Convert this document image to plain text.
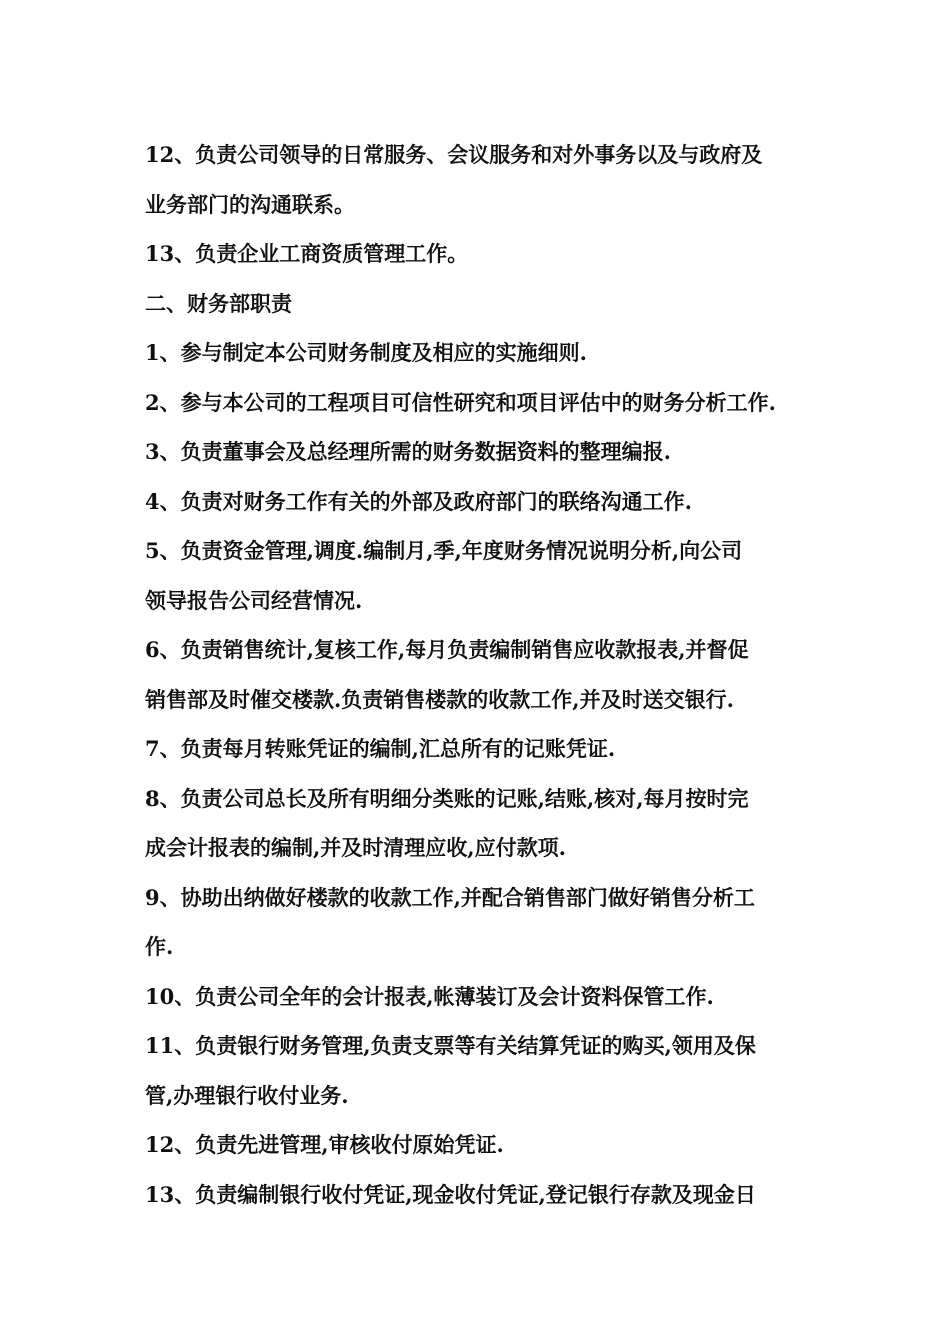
12、负责公司领导的日常服务、会议服务和对外事务以及与政府及
业务部门的沟通联系。
13、负责企业工商资质管理工作。
二、财务部职责
1、参与制定本公司财务制度及相应的实施细则.
2、参与本公司的工程项目可信性研究和项目评估中的财务分析工作.
3、负责董事会及总经理所需的财务数据资料的整理编报.
4、负责对财务工作有关的外部及政府部门的联络沟通工作.
5、负责资金管理,调度.编制月,季,年度财务情况说明分析,向公司
领导报告公司经营情况.
6、负责销售统计,复核工作,每月负责编制销售应收款报表,并督促
销售部及时催交楼款.负责销售楼款的收款工作,并及时送交银行.
7、负责每月转账凭证的编制,汇总所有的记账凭证.
8、负责公司总长及所有明细分类账的记账,结账,核对,每月按时完
成会计报表的编制,并及时清理应收,应付款项.
9、协助出纳做好楼款的收款工作,并配合销售部门做好销售分析工
作.
10、负责公司全年的会计报表,帐薄装订及会计资料保管工作.
11、负责银行财务管理,负责支票等有关结算凭证的购买,领用及保
管,办理银行收付业务.
12、负责先进管理,审核收付原始凭证.
13、负责编制银行收付凭证,现金收付凭证,登记银行存款及现金日
